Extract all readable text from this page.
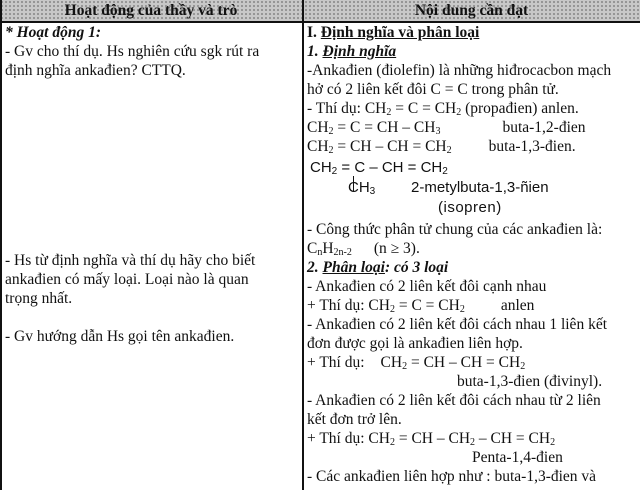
Hoạt động của thầy và trò	Nội dung cần đạt
* Hoạt động 1:
- Gv cho thí dụ. Hs nghiên cứu sgk rút ra
định nghĩa ankađien? CTTQ.
- Hs từ định nghĩa và thí dụ hãy cho biết
ankađien có mấy loại. Loại nào là quan
trọng nhất.
- Gv hướng dẫn Hs gọi tên ankađien.
I. Định nghĩa và phân loại
1. Định nghĩa
-Ankađien (điolefin) là những hiđrocacbon mạch
hở có 2 liên kết đôi C = C trong phân tử.
- Thí dụ: $CH_2 = C = CH_2$ (propađien) anlen.
$CH_2 = C$ = CH – $CH_3$	buta-1,2-đien
$CH_2$ = CH – CH = $CH_2$ buta-1,3-đien.
$CH_2 = C$ – CH = $CH_2$
$CH_3$ 2-metylbuta-1,3-ñien
(isopren)
- Công thức phân tử chung của các ankađien là:
$C_nH_{2n-2}$ (n ≥ 3).
2. Phân loại: có 3 loại
- Ankađien có 2 liên kết đôi cạnh nhau
+ Thí dụ: $CH_2 = C = CH_2$ anlen
- Ankađien có 2 liên kết đôi cách nhau 1 liên kết
đơn được gọi là ankađien liên hợp.
+ Thí dụ: $CH_2$ = CH – CH = $CH_2$
buta-1,3-đien (đivinyl).
- Ankađien có 2 liên kết đôi cách nhau từ 2 liên
kết đơn trở lên.
+ Thí dụ: $CH_2$ = CH – $CH_2$ – CH = $CH_2$
Penta-1,4-đien
- Các ankađien liên hợp như : buta-1,3-đien và
